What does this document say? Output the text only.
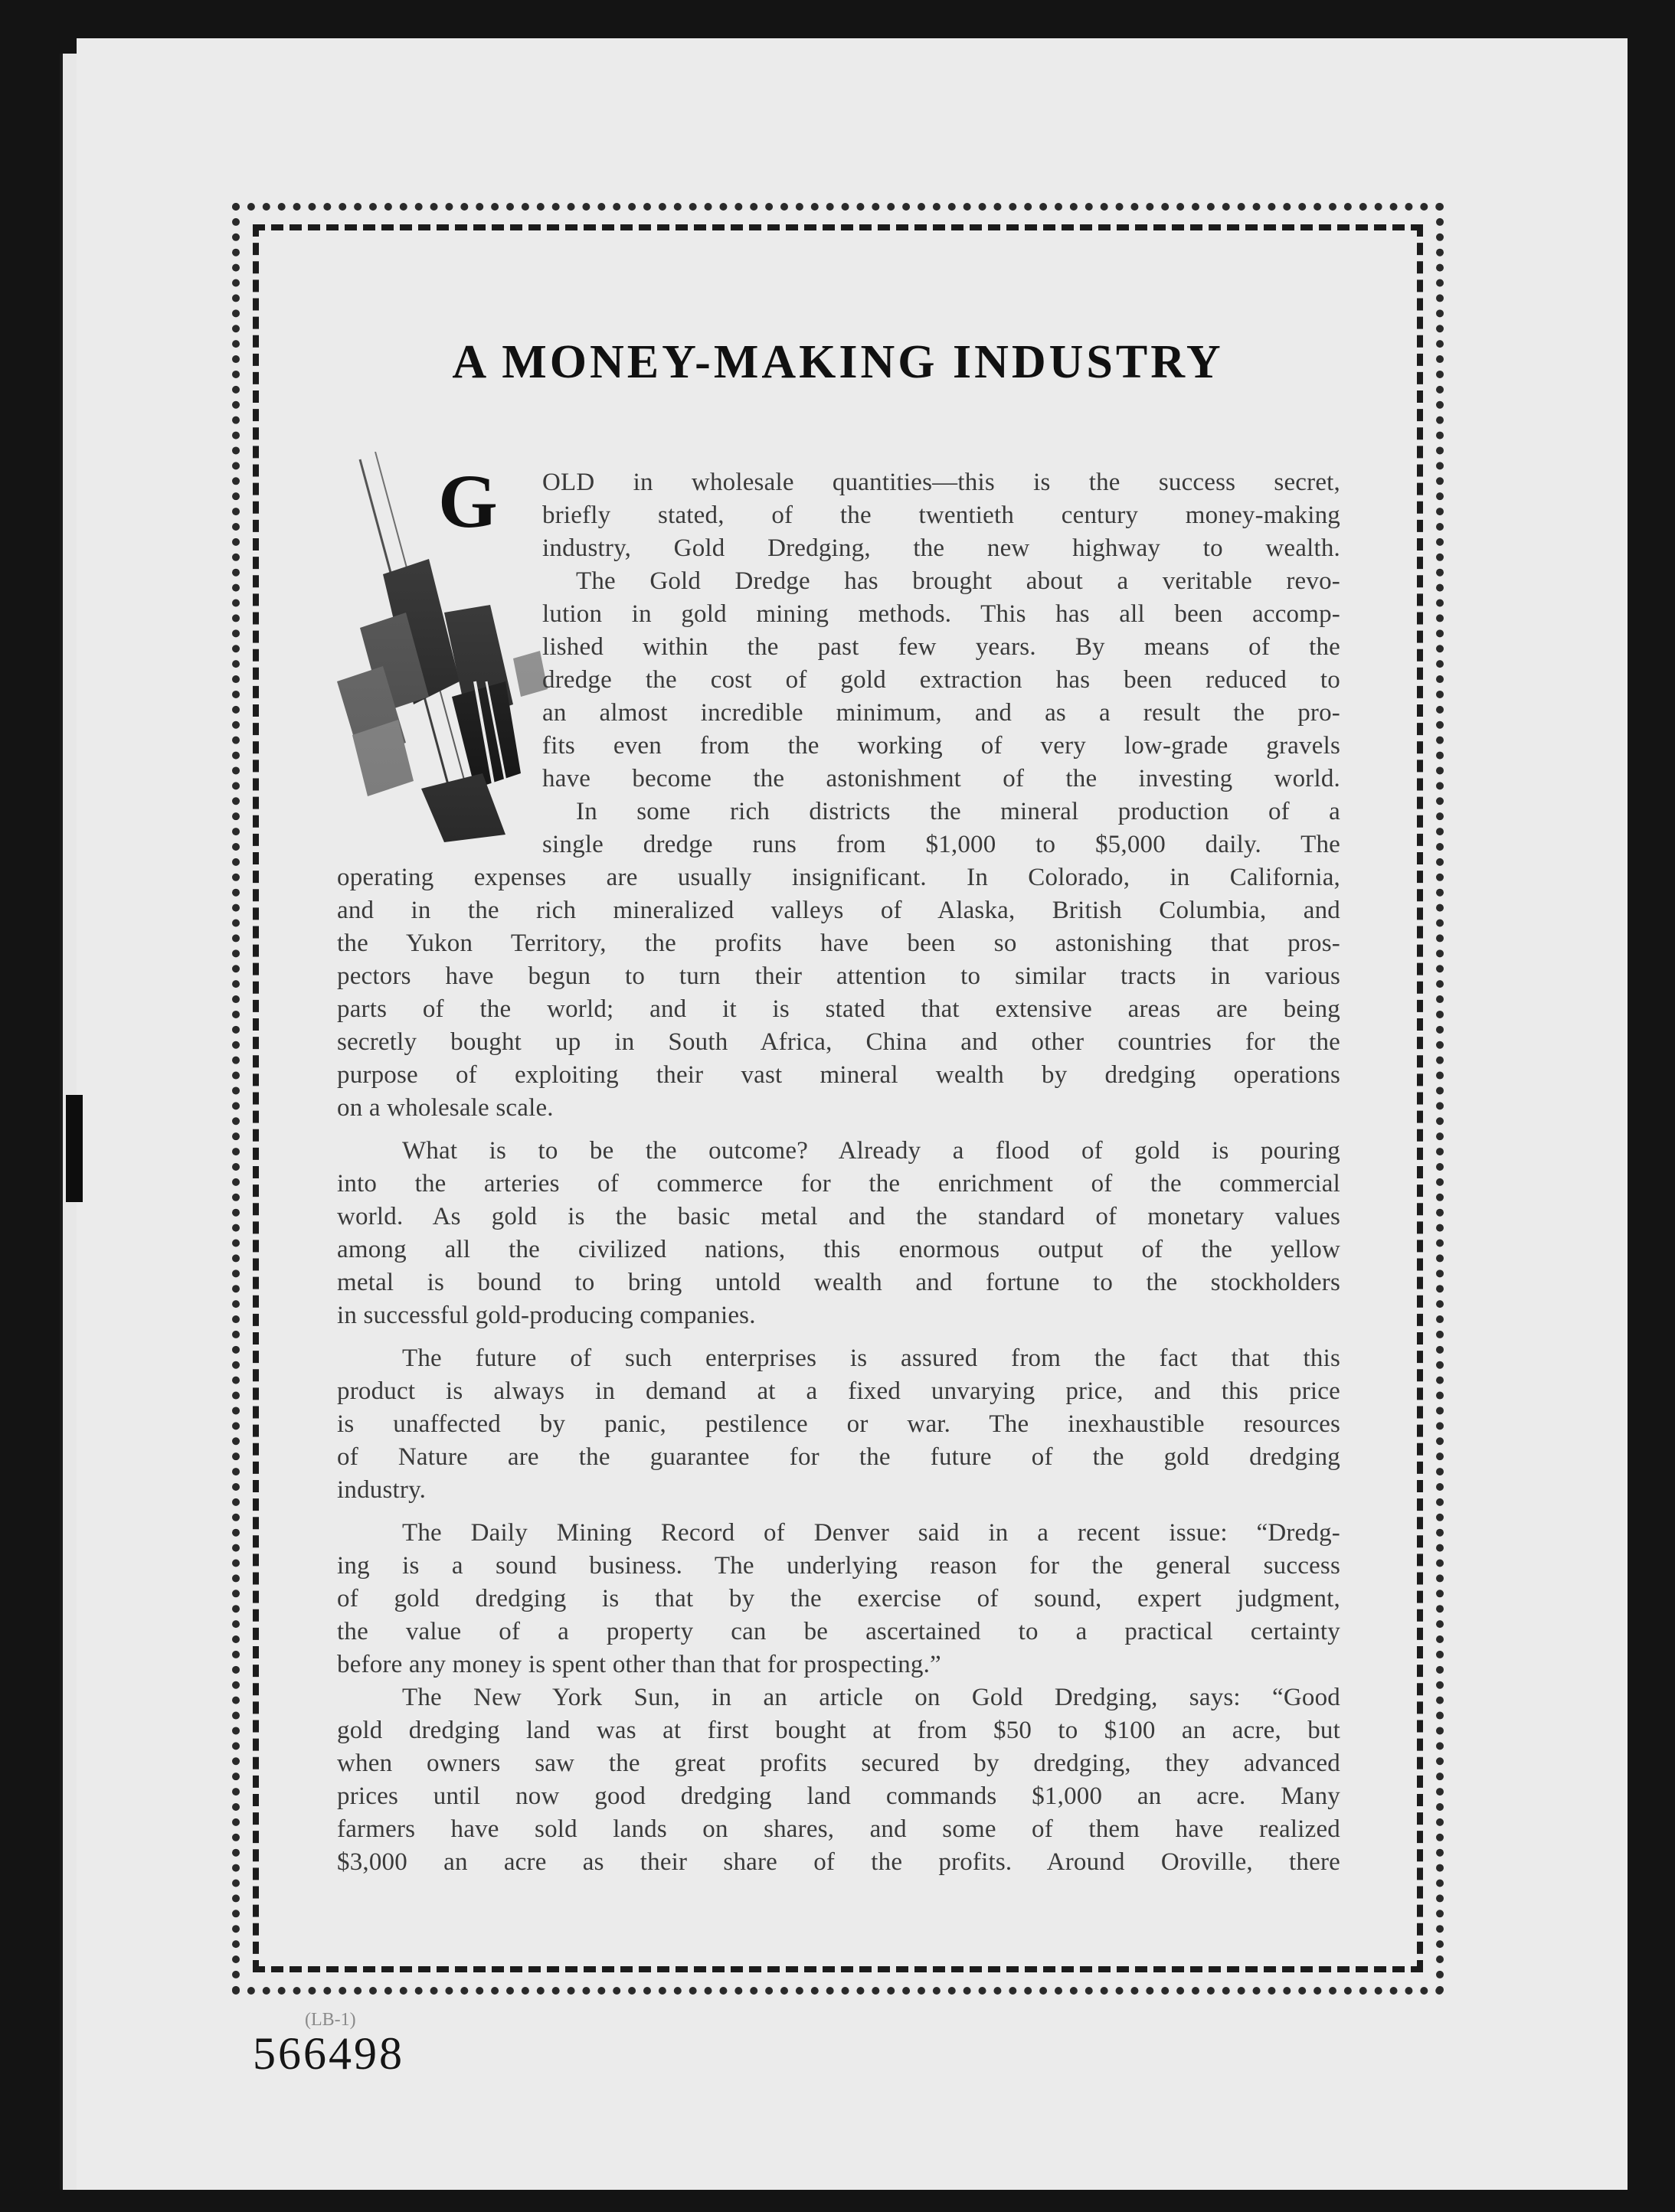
A MONEY-MAKING INDUSTRY
G OLD in wholesale quantities—this is the success secret,
briefly stated, of the twentieth century money-making
industry, Gold Dredging, the new highway to wealth.
The Gold Dredge has brought about a veritable revo-
lution in gold mining methods. This has all been accomp-
lished within the past few years. By means of the
dredge the cost of gold extraction has been reduced to
an almost incredible minimum, and as a result the pro-
fits even from the working of very low-grade gravels
have become the astonishment of the investing world.
In some rich districts the mineral production of a
single dredge runs from $1,000 to $5,000 daily. The
operating expenses are usually insignificant. In Colorado, in California,
and in the rich mineralized valleys of Alaska, British Columbia, and
the Yukon Territory, the profits have been so astonishing that pros-
pectors have begun to turn their attention to similar tracts in various
parts of the world; and it is stated that extensive areas are being
secretly bought up in South Africa, China and other countries for the
purpose of exploiting their vast mineral wealth by dredging operations
on a wholesale scale.
What is to be the outcome? Already a flood of gold is pouring
into the arteries of commerce for the enrichment of the commercial
world. As gold is the basic metal and the standard of monetary values
among all the civilized nations, this enormous output of the yellow
metal is bound to bring untold wealth and fortune to the stockholders
in successful gold-producing companies.
The future of such enterprises is assured from the fact that this
product is always in demand at a fixed unvarying price, and this price
is unaffected by panic, pestilence or war. The inexhaustible resources
of Nature are the guarantee for the future of the gold dredging
industry.
The Daily Mining Record of Denver said in a recent issue: “Dredg-
ing is a sound business. The underlying reason for the general success
of gold dredging is that by the exercise of sound, expert judgment,
the value of a property can be ascertained to a practical certainty
before any money is spent other than that for prospecting.”
The New York Sun, in an article on Gold Dredging, says: “Good
gold dredging land was at first bought at from $50 to $100 an acre, but
when owners saw the great profits secured by dredging, they advanced
prices until now good dredging land commands $1,000 an acre. Many
farmers have sold lands on shares, and some of them have realized
$3,000 an acre as their share of the profits. Around Oroville, there
(LB-1)
566498
